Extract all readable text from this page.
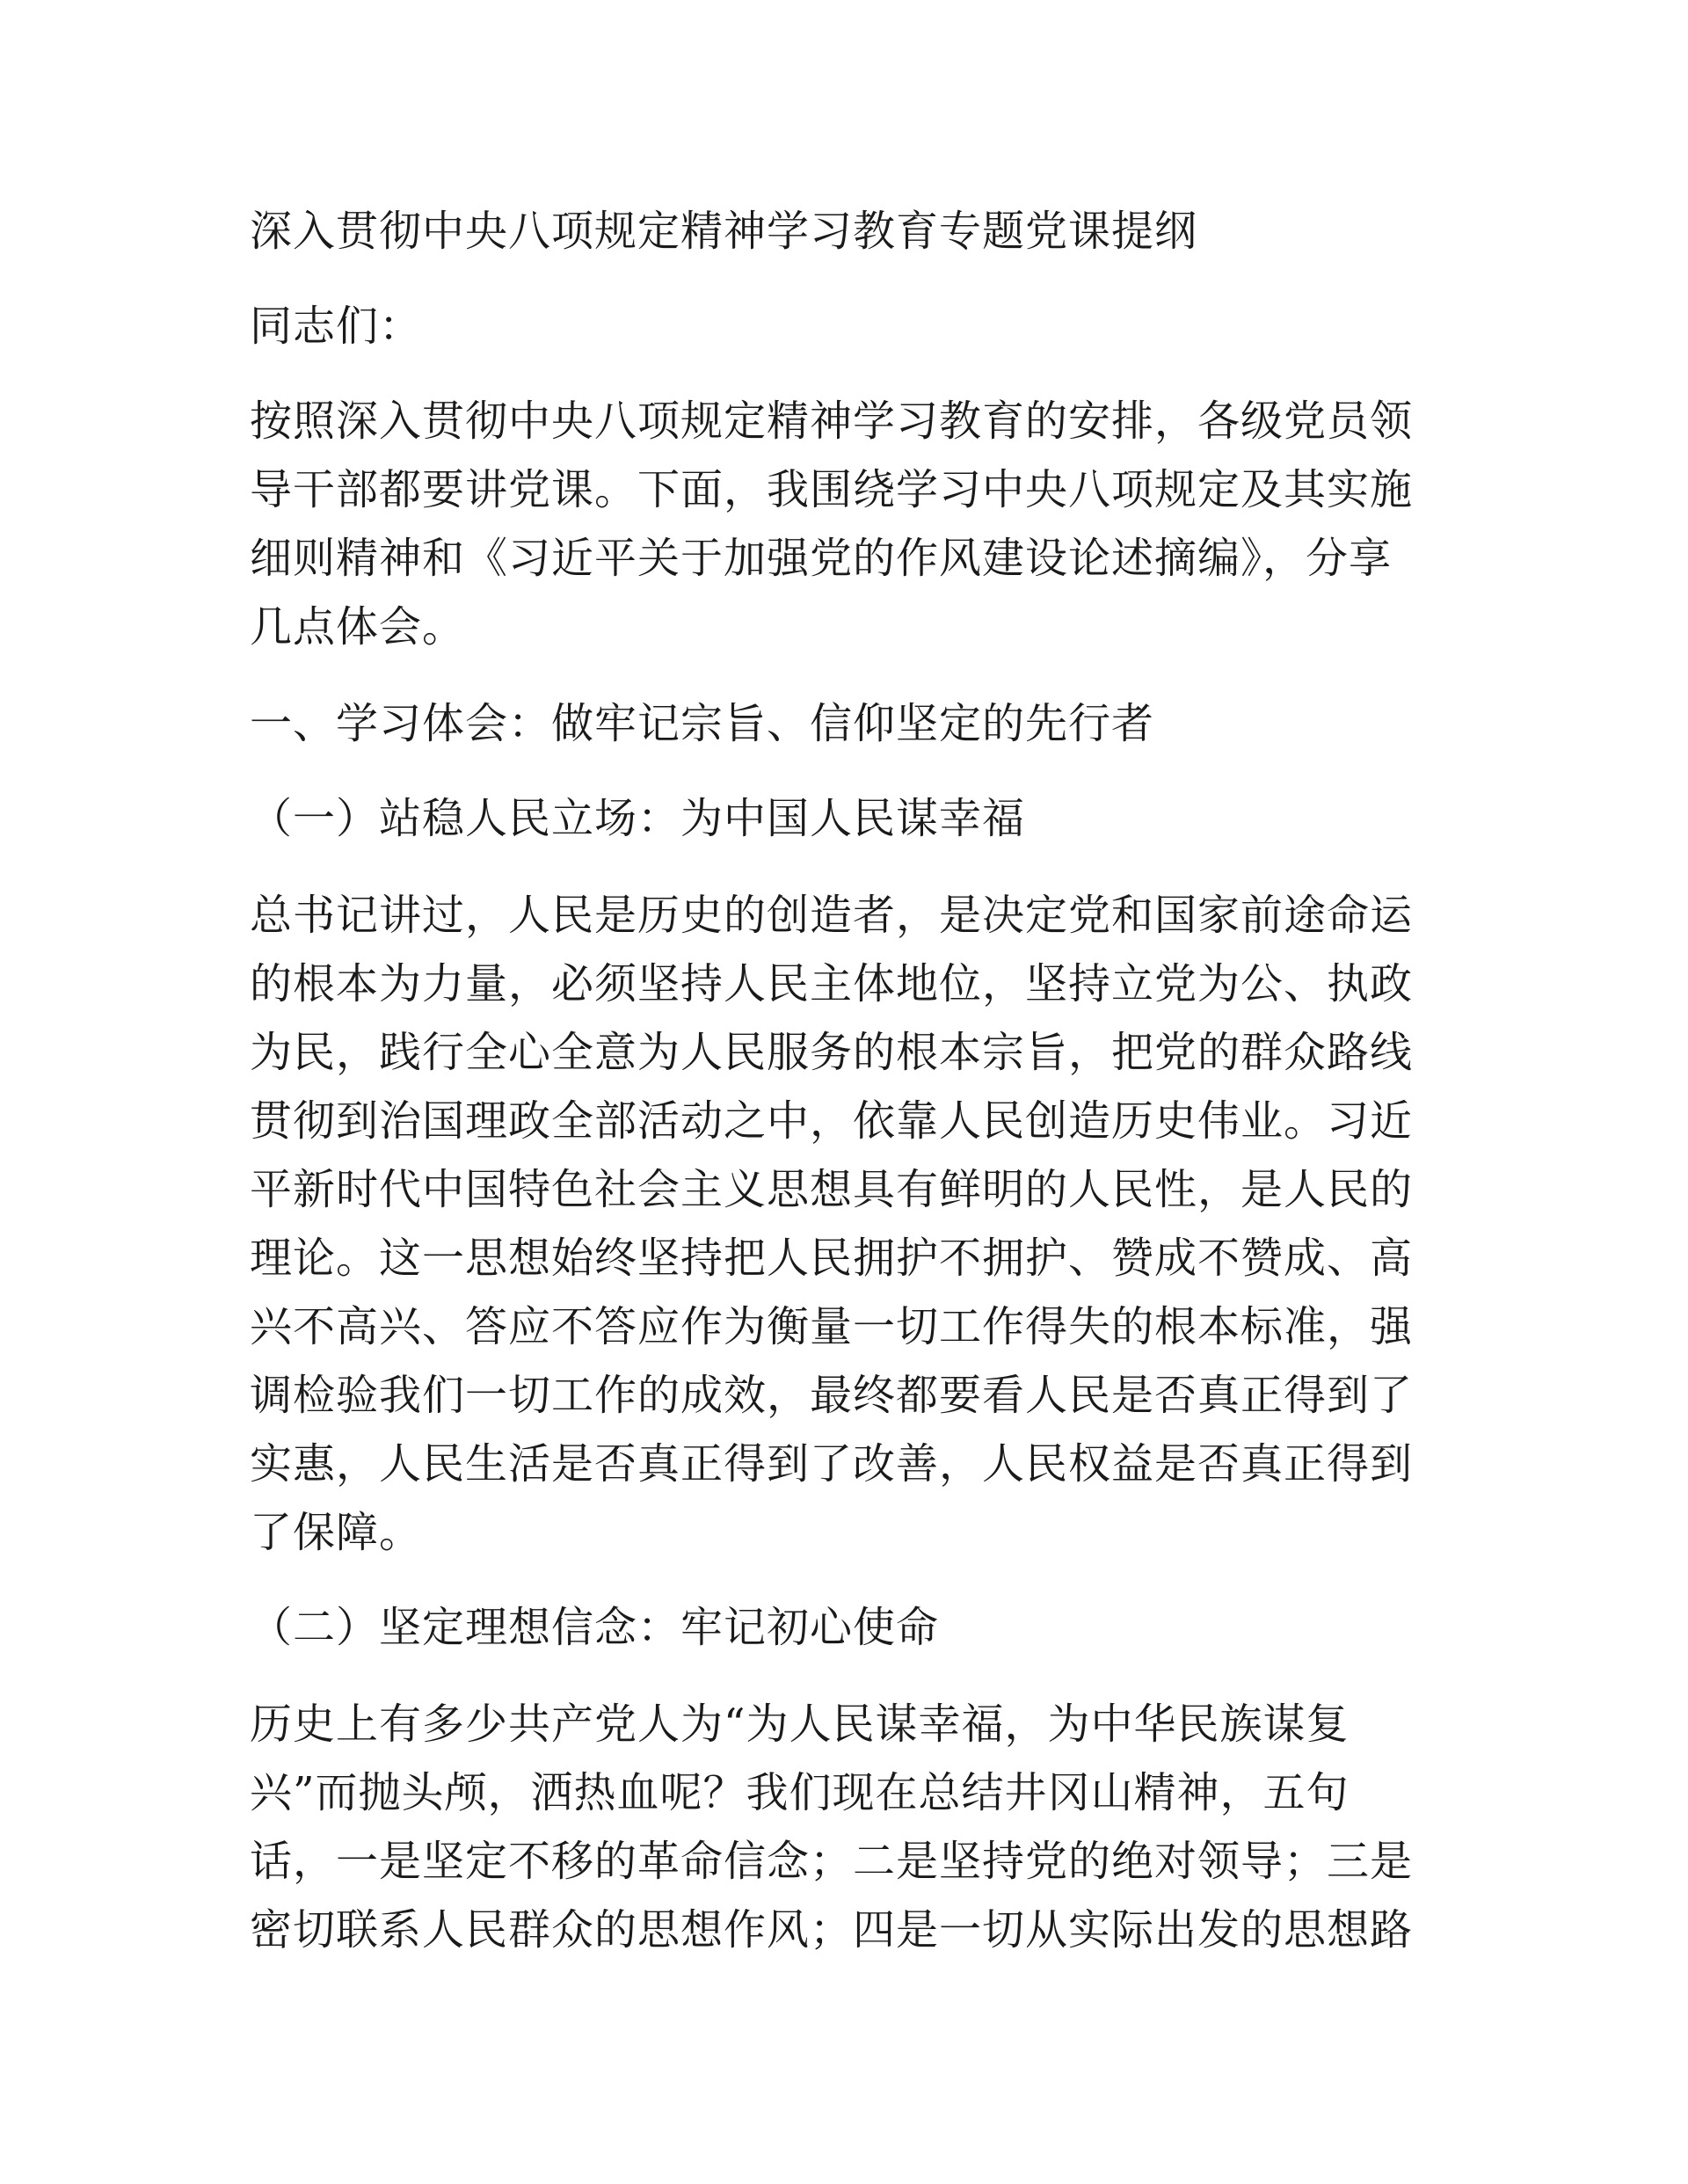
深入贯彻中央八项规定精神学习教育专题党课提纲

同志们：

按照深入贯彻中央八项规定精神学习教育的安排，各级党员领
导干部都要讲党课。下面，我围绕学习中央八项规定及其实施
细则精神和《习近平关于加强党的作风建设论述摘编》，分享
几点体会。

一、学习体会：做牢记宗旨、信仰坚定的先行者

（一）站稳人民立场：为中国人民谋幸福

总书记讲过，人民是历史的创造者，是决定党和国家前途命运
的根本为力量，必须坚持人民主体地位，坚持立党为公、执政
为民，践行全心全意为人民服务的根本宗旨，把党的群众路线
贯彻到治国理政全部活动之中，依靠人民创造历史伟业。习近
平新时代中国特色社会主义思想具有鲜明的人民性，是人民的
理论。这一思想始终坚持把人民拥护不拥护、赞成不赞成、高
兴不高兴、答应不答应作为衡量一切工作得失的根本标准，强
调检验我们一切工作的成效，最终都要看人民是否真正得到了
实惠，人民生活是否真正得到了改善，人民权益是否真正得到
了保障。

（二）坚定理想信念：牢记初心使命

历史上有多少共产党人为“为人民谋幸福，为中华民族谋复
兴”而抛头颅，洒热血呢？我们现在总结井冈山精神，五句
话，一是坚定不移的革命信念；二是坚持党的绝对领导；三是
密切联系人民群众的思想作风；四是一切从实际出发的思想路
